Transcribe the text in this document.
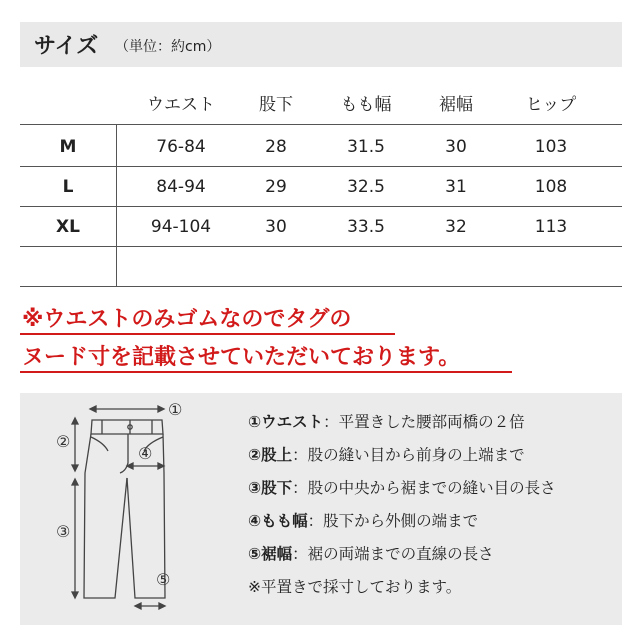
サイズ （単位：約cm）
ウエスト	股下	もも幅	裾幅	ヒップ
M	76-84	28	31.5	30	103
L	84-94	29	32.5	31	108
XL	94-104	30	33.5	32	113
※ウエストのみゴムなのでタグの
ヌード寸を記載させていただいております。
①
②
③
④
⑤
①ウエスト：平置きした腰部両橋の２倍
②股上：股の縫い目から前身の上端まで
③股下：股の中央から裾までの縫い目の長さ
④もも幅：股下から外側の端まで
⑤裾幅：裾の両端までの直線の長さ
※平置きで採寸しております。
